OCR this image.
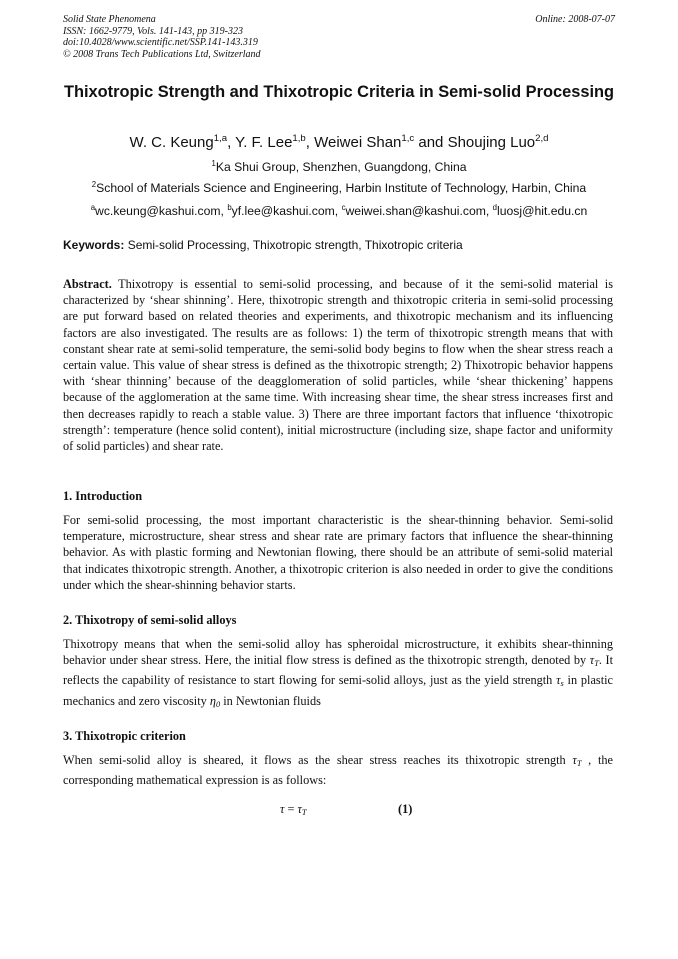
Solid State Phenomena
ISSN: 1662-9779, Vols. 141-143, pp 319-323
doi:10.4028/www.scientific.net/SSP.141-143.319
© 2008 Trans Tech Publications Ltd, Switzerland
Online: 2008-07-07
Thixotropic Strength and Thixotropic Criteria in Semi-solid Processing
W. C. Keung$^{1,a}$, Y. F. Lee$^{1,b}$, Weiwei Shan$^{1,c}$ and Shoujing Luo$^{2,d}$
$^1$Ka Shui Group, Shenzhen, Guangdong, China
$^2$School of Materials Science and Engineering, Harbin Institute of Technology, Harbin, China
$^a$wc.keung@kashui.com, $^b$yf.lee@kashui.com, $^c$weiwei.shan@kashui.com, $^d$luosj@hit.edu.cn
Keywords: Semi-solid Processing, Thixotropic strength, Thixotropic criteria
Abstract. Thixotropy is essential to semi-solid processing, and because of it the semi-solid material is characterized by ‘shear shinning’. Here, thixotropic strength and thixotropic criteria in semi-solid processing are put forward based on related theories and experiments, and thixotropic mechanism and its influencing factors are also investigated. The results are as follows: 1) the term of thixotropic strength means that with constant shear rate at semi-solid temperature, the semi-solid body begins to flow when the shear stress reach a certain value. This value of shear stress is defined as the thixotropic strength; 2) Thixotropic behavior happens with ‘shear thinning’ because of the deagglomeration of solid particles, while ‘shear thickening’ happens because of the agglomeration at the same time. With increasing shear time, the shear stress increases first and then decreases rapidly to reach a stable value. 3) There are three important factors that influence ‘thixotropic strength’: temperature (hence solid content), initial microstructure (including size, shape factor and uniformity of solid particles) and shear rate.
1. Introduction
For semi-solid processing, the most important characteristic is the shear-thinning behavior. Semi-solid temperature, microstructure, shear stress and shear rate are primary factors that influence the shear-thinning behavior. As with plastic forming and Newtonian flowing, there should be an attribute of semi-solid material that indicates thixotropic strength. Another, a thixotropic criterion is also needed in order to give the conditions under which the shear-shinning behavior starts.
2. Thixotropy of semi-solid alloys
Thixotropy means that when the semi-solid alloy has spheroidal microstructure, it exhibits shear-thinning behavior under shear stress. Here, the initial flow stress is defined as the thixotropic strength, denoted by $\tau_T$. It reflects the capability of resistance to start flowing for semi-solid alloys, just as the yield strength $\tau_s$ in plastic mechanics and zero viscosity $\eta_0$ in Newtonian fluids
3. Thixotropic criterion
When semi-solid alloy is sheared, it flows as the shear stress reaches its thixotropic strength $\tau_T$ , the corresponding mathematical expression is as follows:
$\tau = \tau_T$	(1)
